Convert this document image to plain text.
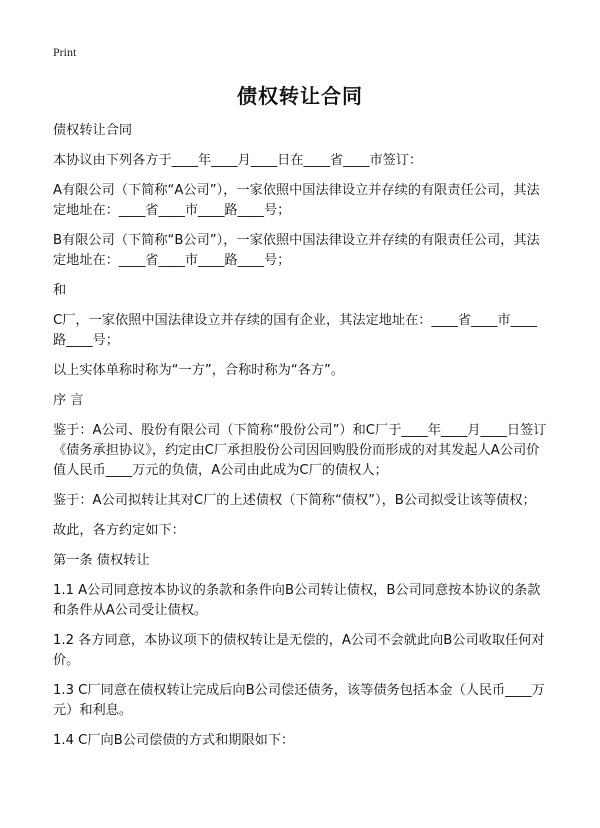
Print
债权转让合同

债权转让合同

本协议由下列各方于____年____月____日在____省____市签订：

A有限公司（下简称“A公司”），一家依照中国法律设立并存续的有限责任公司，其法定地址在：____省____市____路____号；

B有限公司（下简称“B公司”），一家依照中国法律设立并存续的有限责任公司，其法定地址在：____省____市____路____号；

和

C厂，一家依照中国法律设立并存续的国有企业，其法定地址在：____省____市____路____号；

以上实体单称时称为“一方”，合称时称为“各方”。

序 言

鉴于：A公司、股份有限公司（下简称“股份公司”）和C厂于____年____月____日签订《债务承担协议》，约定由C厂承担股份公司因回购股份而形成的对其发起人A公司价值人民币____万元的负债，A公司由此成为C厂的债权人；

鉴于：A公司拟转让其对C厂的上述债权（下简称“债权”），B公司拟受让该等债权；

故此，各方约定如下：

第一条 债权转让

1.1 A公司同意按本协议的条款和条件向B公司转让债权，B公司同意按本协议的条款和条件从A公司受让债权。

1.2 各方同意，本协议项下的债权转让是无偿的，A公司不会就此向B公司收取任何对价。

1.3 C厂同意在债权转让完成后向B公司偿还债务，该等债务包括本金（人民币____万元）和利息。

1.4 C厂向B公司偿债的方式和期限如下：
